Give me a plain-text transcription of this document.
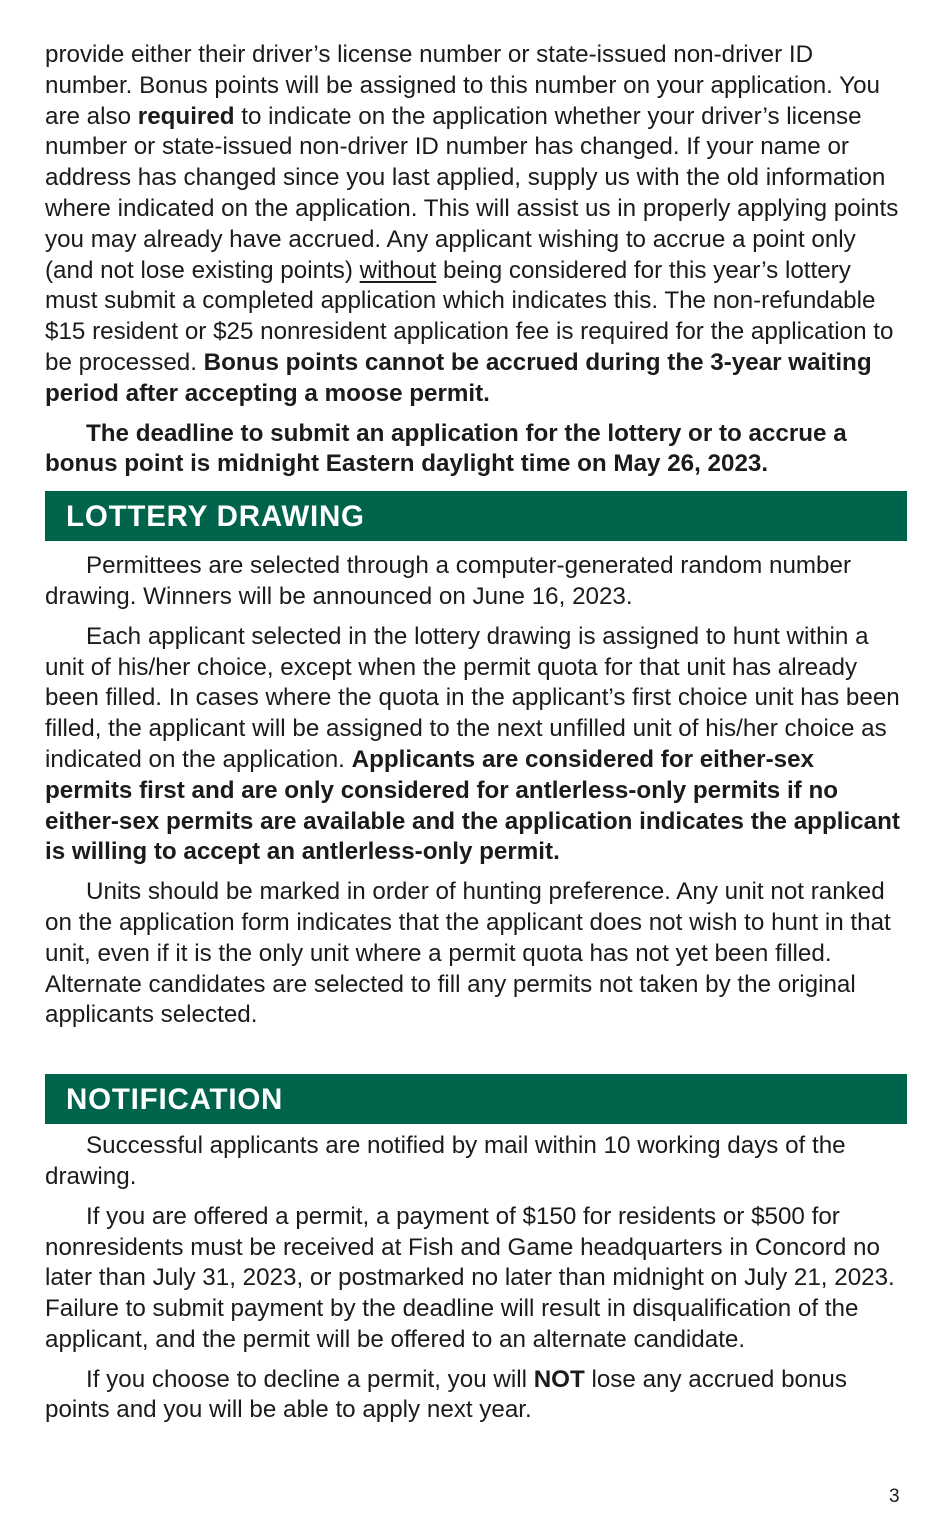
provide either their driver’s license number or state-issued non-driver ID number. Bonus points will be assigned to this number on your application. You are also required to indicate on the application whether your driver’s license number or state-issued non-driver ID number has changed. If your name or address has changed since you last applied, supply us with the old information where indicated on the application. This will assist us in properly applying points you may already have accrued. Any applicant wishing to accrue a point only (and not lose existing points) without being considered for this year’s lottery must submit a completed application which indicates this. The non-refundable $15 resident or $25 nonresident application fee is required for the application to be processed. Bonus points cannot be accrued during the 3-year waiting period after accepting a moose permit.

The deadline to submit an application for the lottery or to accrue a bonus point is midnight Eastern daylight time on May 26, 2023.

LOTTERY DRAWING

Permittees are selected through a computer-generated random number drawing. Winners will be announced on June 16, 2023.

Each applicant selected in the lottery drawing is assigned to hunt within a unit of his/her choice, except when the permit quota for that unit has already been filled. In cases where the quota in the applicant’s first choice unit has been filled, the applicant will be assigned to the next unfilled unit of his/her choice as indicated on the application. Applicants are considered for either-sex permits first and are only considered for antlerless-only permits if no either-sex permits are available and the application indicates the applicant is willing to accept an antlerless-only permit.

Units should be marked in order of hunting preference. Any unit not ranked on the application form indicates that the applicant does not wish to hunt in that unit, even if it is the only unit where a permit quota has not yet been filled. Alternate candidates are selected to fill any permits not taken by the original applicants selected.

NOTIFICATION

Successful applicants are notified by mail within 10 working days of the drawing.

If you are offered a permit, a payment of $150 for residents or $500 for nonresidents must be received at Fish and Game headquarters in Concord no later than July 31, 2023, or postmarked no later than midnight on July 21, 2023. Failure to submit payment by the deadline will result in disqualification of the applicant, and the permit will be offered to an alternate candidate.

If you choose to decline a permit, you will NOT lose any accrued bonus points and you will be able to apply next year.

3
